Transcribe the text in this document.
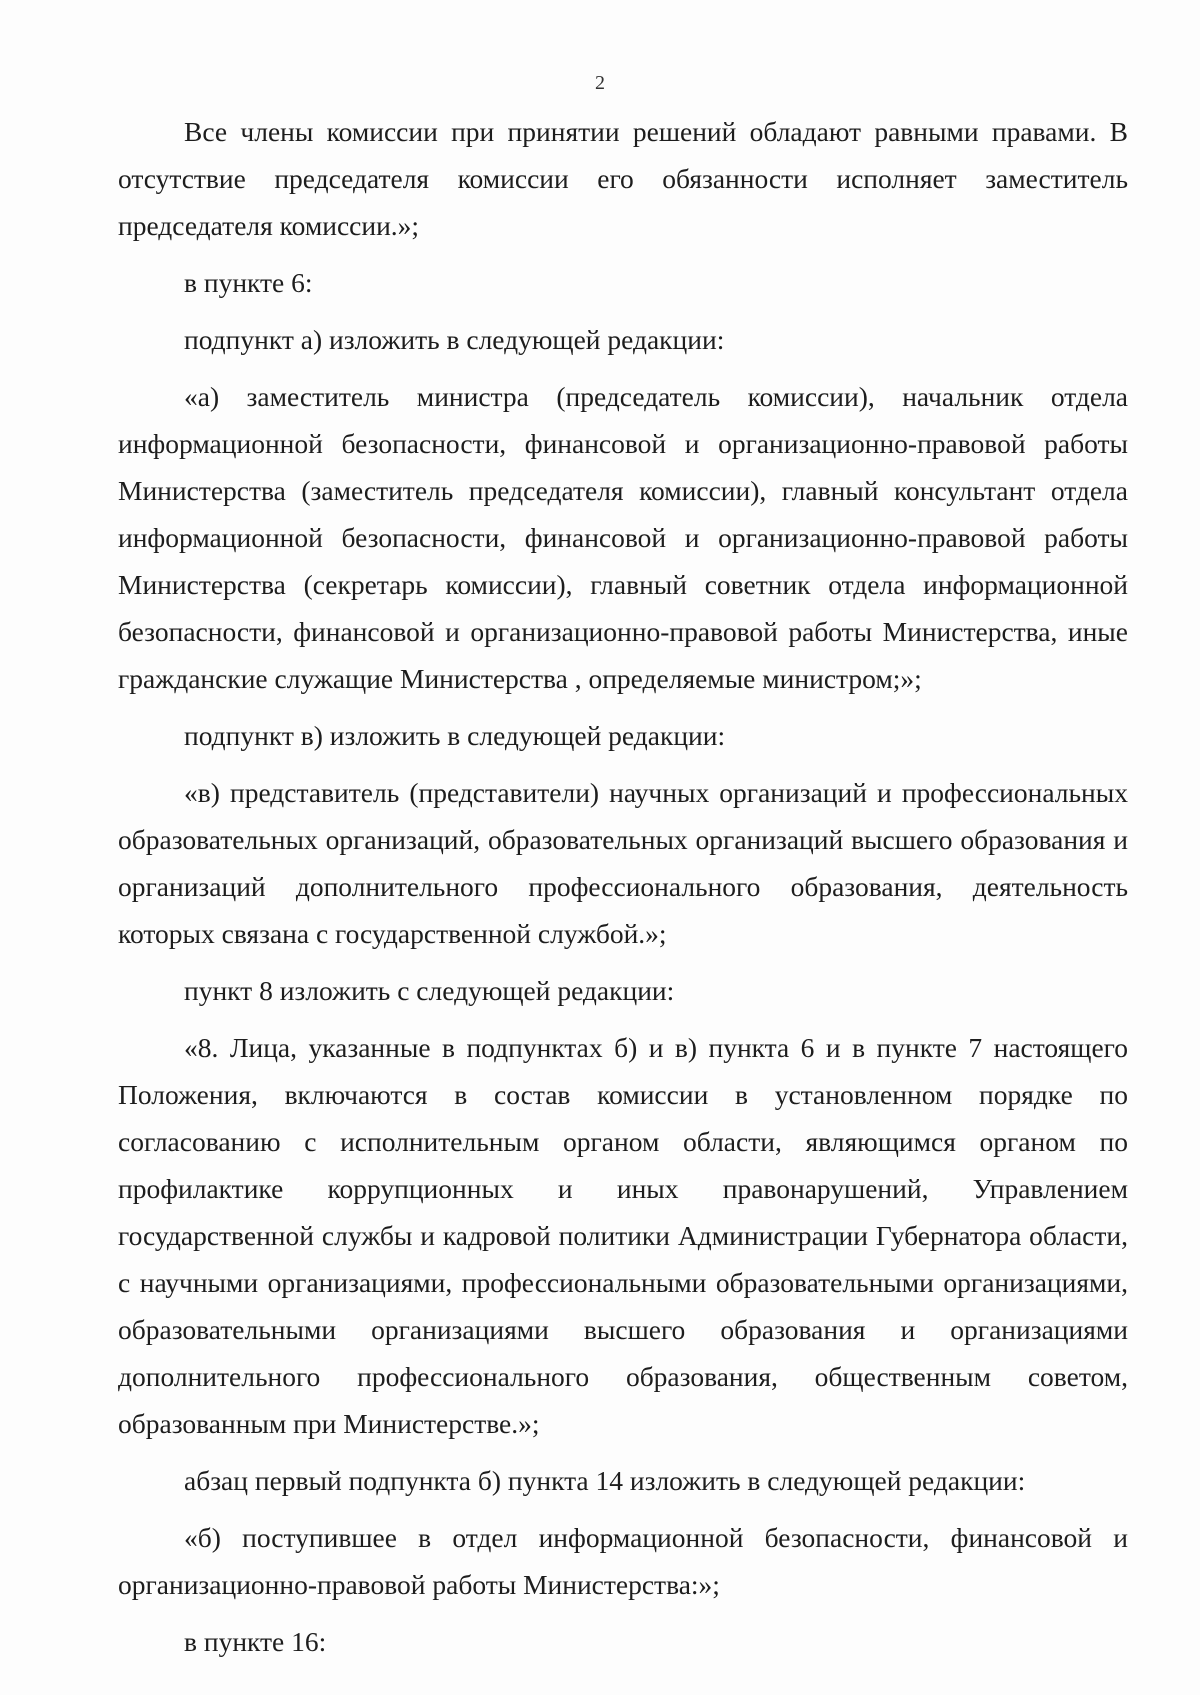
2

Все члены комиссии при принятии решений обладают равными правами. В отсутствие председателя комиссии его обязанности исполняет заместитель председателя комиссии.»;

в пункте 6:

подпункт а) изложить в следующей редакции:

«а) заместитель министра (председатель комиссии), начальник отдела информационной безопасности, финансовой и организационно-правовой работы Министерства (заместитель председателя комиссии), главный консультант отдела информационной безопасности, финансовой и организационно-правовой работы Министерства (секретарь комиссии), главный советник отдела информационной безопасности, финансовой и организационно-правовой работы Министерства, иные гражданские служащие Министерства , определяемые министром;»;

подпункт в) изложить в следующей редакции:

«в) представитель (представители) научных организаций и профессиональных образовательных организаций, образовательных организаций высшего образования и организаций дополнительного профессионального образования, деятельность которых связана с государственной службой.»;

пункт 8 изложить с следующей редакции:

«8. Лица, указанные в подпунктах б) и в) пункта 6 и в пункте 7 настоящего Положения, включаются в состав комиссии в установленном порядке по согласованию с исполнительным органом области, являющимся органом по профилактике коррупционных и иных правонарушений, Управлением государственной службы и кадровой политики Администрации Губернатора области, с научными организациями, профессиональными образовательными организациями, образовательными организациями высшего образования и организациями дополнительного профессионального образования, общественным советом, образованным при Министерстве.»;

абзац первый подпункта б) пункта 14 изложить в следующей редакции:

«б) поступившее в отдел информационной безопасности, финансовой и организационно-правовой работы Министерства:»;

в пункте 16:
